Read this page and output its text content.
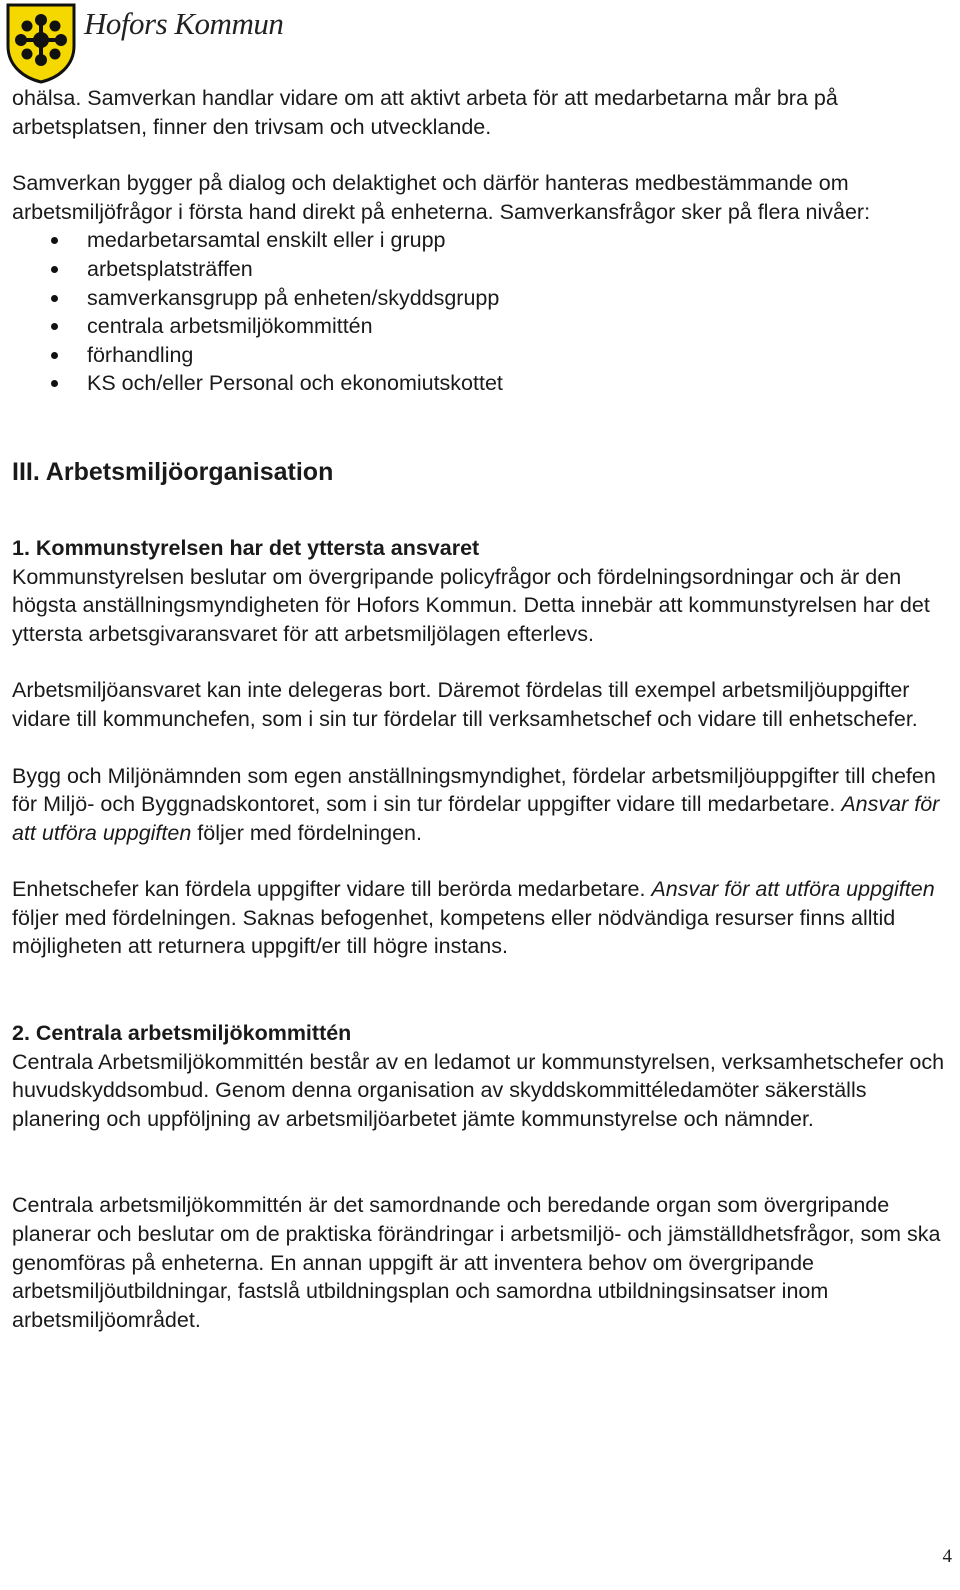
Hofors Kommun

ohälsa. Samverkan handlar vidare om att aktivt arbeta för att medarbetarna mår bra på arbetsplatsen, finner den trivsam och utvecklande.

Samverkan bygger på dialog och delaktighet och därför hanteras medbestämmande om arbetsmiljöfrågor i första hand direkt på enheterna. Samverkansfrågor sker på flera nivåer:

medarbetarsamtal enskilt eller i grupp
arbetsplatsträffen
samverkansgrupp på enheten/skyddsgrupp
centrala arbetsmiljökommittén
förhandling
KS och/eller Personal och ekonomiutskottet
III. Arbetsmiljöorganisation
1. Kommunstyrelsen har det yttersta ansvaret

Kommunstyrelsen beslutar om övergripande policyfrågor och fördelningsordningar och är den högsta anställningsmyndigheten för Hofors Kommun. Detta innebär att kommunstyrelsen har det yttersta arbetsgivaransvaret för att arbetsmiljölagen efterlevs.

Arbetsmiljöansvaret kan inte delegeras bort. Däremot fördelas till exempel arbetsmiljöuppgifter vidare till kommunchefen, som i sin tur fördelar till verksamhetschef och vidare till enhetschefer.

Bygg och Miljönämnden som egen anställningsmyndighet, fördelar arbetsmiljöuppgifter till chefen för Miljö- och Byggnadskontoret, som i sin tur fördelar uppgifter vidare till medarbetare. Ansvar för att utföra uppgiften följer med fördelningen.

Enhetschefer kan fördela uppgifter vidare till berörda medarbetare. Ansvar för att utföra uppgiften följer med fördelningen. Saknas befogenhet, kompetens eller nödvändiga resurser finns alltid möjligheten att returnera uppgift/er till högre instans.

2. Centrala arbetsmiljökommittén

Centrala Arbetsmiljökommittén består av en ledamot ur kommunstyrelsen, verksamhetschefer och huvudskyddsombud. Genom denna organisation av skyddskommittéledamöter säkerställs planering och uppföljning av arbetsmiljöarbetet jämte kommunstyrelse och nämnder.

Centrala arbetsmiljökommittén är det samordnande och beredande organ som övergripande planerar och beslutar om de praktiska förändringar i arbetsmiljö- och jämställdhetsfrågor, som ska genomföras på enheterna. En annan uppgift är att inventera behov om övergripande arbetsmiljöutbildningar, fastslå utbildningsplan och samordna utbildningsinsatser inom arbetsmiljöområdet.

4
